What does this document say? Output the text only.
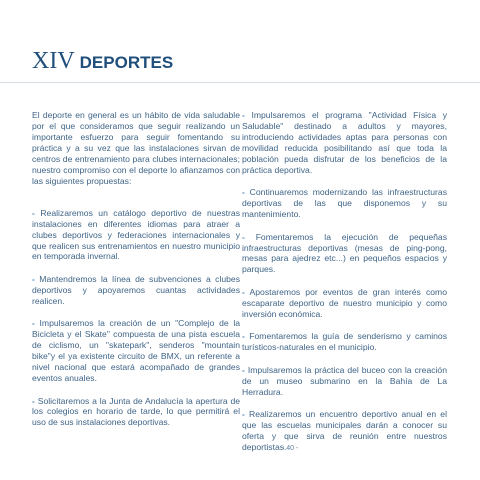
XIV DEPORTES

El deporte en general es un hábito de vida saludable por el que consideramos que seguir realizando un importante esfuerzo para seguir fomentando su práctica y a su vez que las instalaciones sirvan de centros de entrenamiento para clubes internacionales; nuestro compromiso con el deporte lo afianzamos con las siguientes propuestas:

- Realizaremos un catálogo deportivo de nuestras instalaciones en diferentes idiomas para atraer a clubes deportivos y federaciones internacionales y que realicen sus entrenamientos en nuestro municipio en temporada invernal.

- Mantendremos la línea de subvenciones a clubes deportivos y apoyaremos cuantas actividades realicen.

- Impulsaremos la creación de un "Complejo de la Bicicleta y el Skate" compuesta de una pista escuela de ciclismo, un "skatepark", senderos "mountain bike"y el ya existente circuito de BMX, un referente a nivel nacional que estará acompañado de grandes eventos anuales.

- Solicitaremos a la Junta de Andalucía la apertura de los colegios en horario de tarde, lo que permitirá el uso de sus instalaciones deportivas.

- Impulsaremos el programa "Actividad Física y Saludable" destinado a adultos y mayores, introduciendo actividades aptas para personas con movilidad reducida posibilitando así que toda la población pueda disfrutar de los beneficios de la práctica deportiva.

- Continuaremos modernizando las infraestructuras deportivas de las que disponemos y su mantenimiento.

- Fomentaremos la ejecución de pequeñas infraestructuras deportivas (mesas de ping-pong, mesas para ajedrez etc...) en pequeños espacios y parques.

- Apostaremos por eventos de gran interés como escaparate deportivo de nuestro municipio y como inversión económica.

- Fomentaremos la guía de senderismo y caminos turísticos-naturales en el municipio.

- Impulsaremos la práctica del buceo con la creación de un museo submarino en la Bahía de La Herradura.

- Realizaremos un encuentro deportivo anual en el que las escuelas municipales darán a conocer su oferta y que sirva de reunión entre nuestros deportistas.

- 40 -
